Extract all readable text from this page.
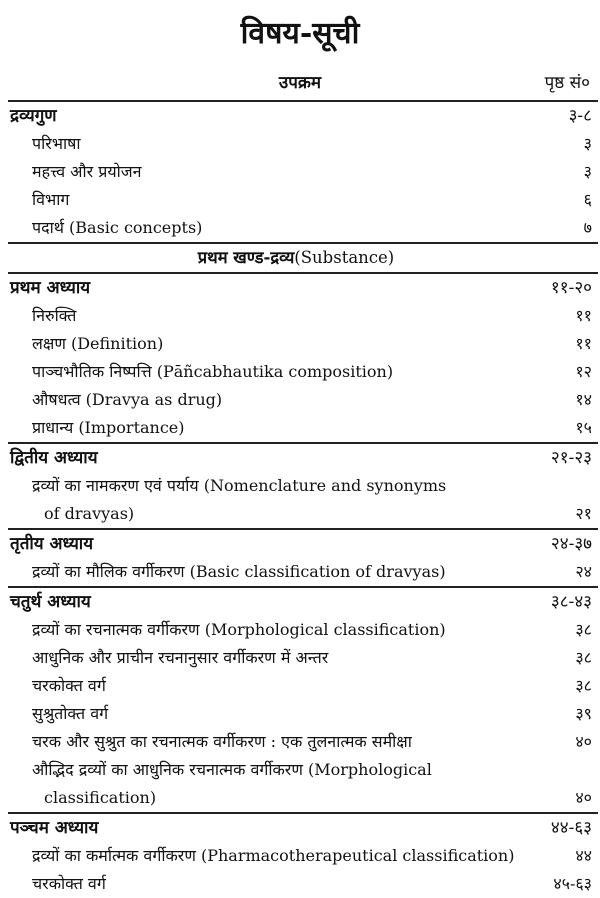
विषय-सूची
उपक्रम	पृष्ठ सं०
द्रव्यगुण	३-८
परिभाषा	३
महत्त्व और प्रयोजन	३
विभाग	६
पदार्थ (Basic concepts)	७
प्रथम खण्ड-द्रव्य (Substance)
प्रथम अध्याय	११-२०
निरुक्ति	११
लक्षण (Definition)	११
पाञ्चभौतिक निष्पत्ति (Pāñcabhautika composition)	१२
औषधत्व (Dravya as drug)	१४
प्राधान्य (Importance)	१५
द्वितीय अध्याय	२१-२३
द्रव्यों का नामकरण एवं पर्याय (Nomenclature and synonyms
of dravyas)	२१
तृतीय अध्याय	२४-३७
द्रव्यों का मौलिक वर्गीकरण (Basic classification of dravyas)	२४
चतुर्थ अध्याय	३८-४३
द्रव्यों का रचनात्मक वर्गीकरण (Morphological classification)	३८
आधुनिक और प्राचीन रचनानुसार वर्गीकरण में अन्तर	३८
चरकोक्त वर्ग	३८
सुश्रुतोक्त वर्ग	३९
चरक और सुश्रुत का रचनात्मक वर्गीकरण : एक तुलनात्मक समीक्षा	४०
औद्भिद द्रव्यों का आधुनिक रचनात्मक वर्गीकरण (Morphological
classification)	४०
पञ्चम अध्याय	४४-६३
द्रव्यों का कर्मात्मक वर्गीकरण (Pharmacotherapeutical classification)	४४
चरकोक्त वर्ग	४५-६३
